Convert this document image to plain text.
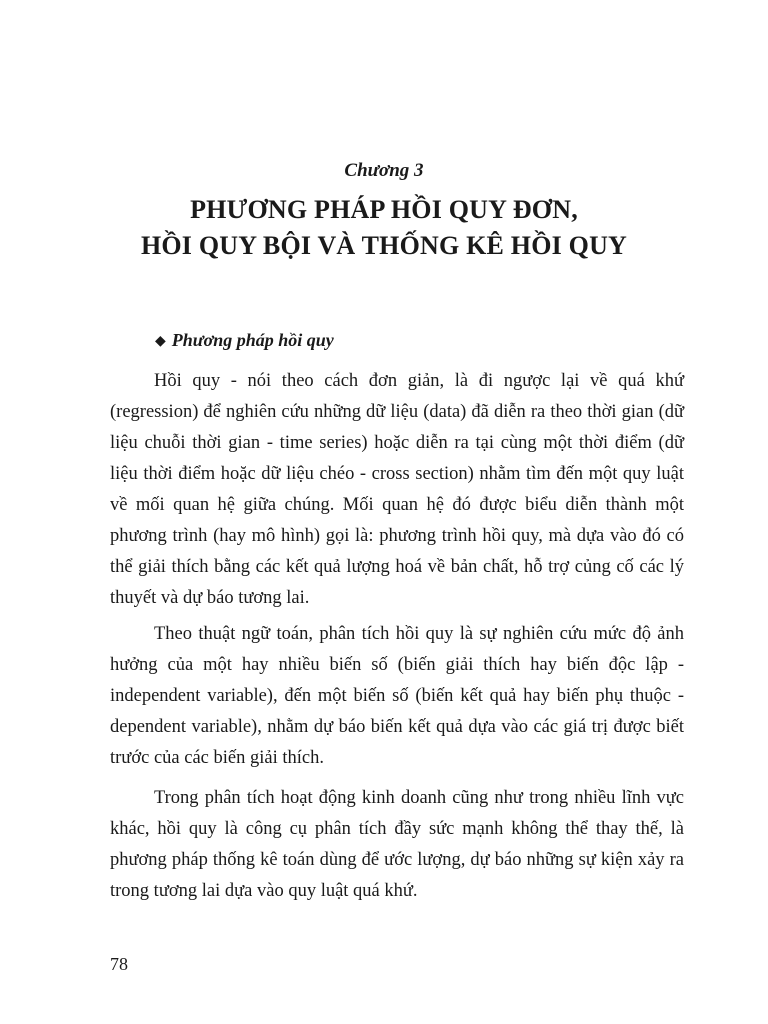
Chương 3
PHƯƠNG PHÁP HỒI QUY ĐƠN,
HỒI QUY BỘI VÀ THỐNG KÊ HỒI QUY
◆ Phương pháp hồi quy

Hồi quy - nói theo cách đơn giản, là đi ngược lại về quá khứ (regression) để nghiên cứu những dữ liệu (data) đã diễn ra theo thời gian (dữ liệu chuỗi thời gian - time series) hoặc diễn ra tại cùng một thời điểm (dữ liệu thời điểm hoặc dữ liệu chéo - cross section) nhằm tìm đến một quy luật về mối quan hệ giữa chúng. Mối quan hệ đó được biểu diễn thành một phương trình (hay mô hình) gọi là: phương trình hồi quy, mà dựa vào đó có thể giải thích bằng các kết quả lượng hoá về bản chất, hỗ trợ củng cố các lý thuyết và dự báo tương lai.

Theo thuật ngữ toán, phân tích hồi quy là sự nghiên cứu mức độ ảnh hưởng của một hay nhiều biến số (biến giải thích hay biến độc lập - independent variable), đến một biến số (biến kết quả hay biến phụ thuộc - dependent variable), nhằm dự báo biến kết quả dựa vào các giá trị được biết trước của các biến giải thích.

Trong phân tích hoạt động kinh doanh cũng như trong nhiều lĩnh vực khác, hồi quy là công cụ phân tích đầy sức mạnh không thể thay thế, là phương pháp thống kê toán dùng để ước lượng, dự báo những sự kiện xảy ra trong tương lai dựa vào quy luật quá khứ.

78
